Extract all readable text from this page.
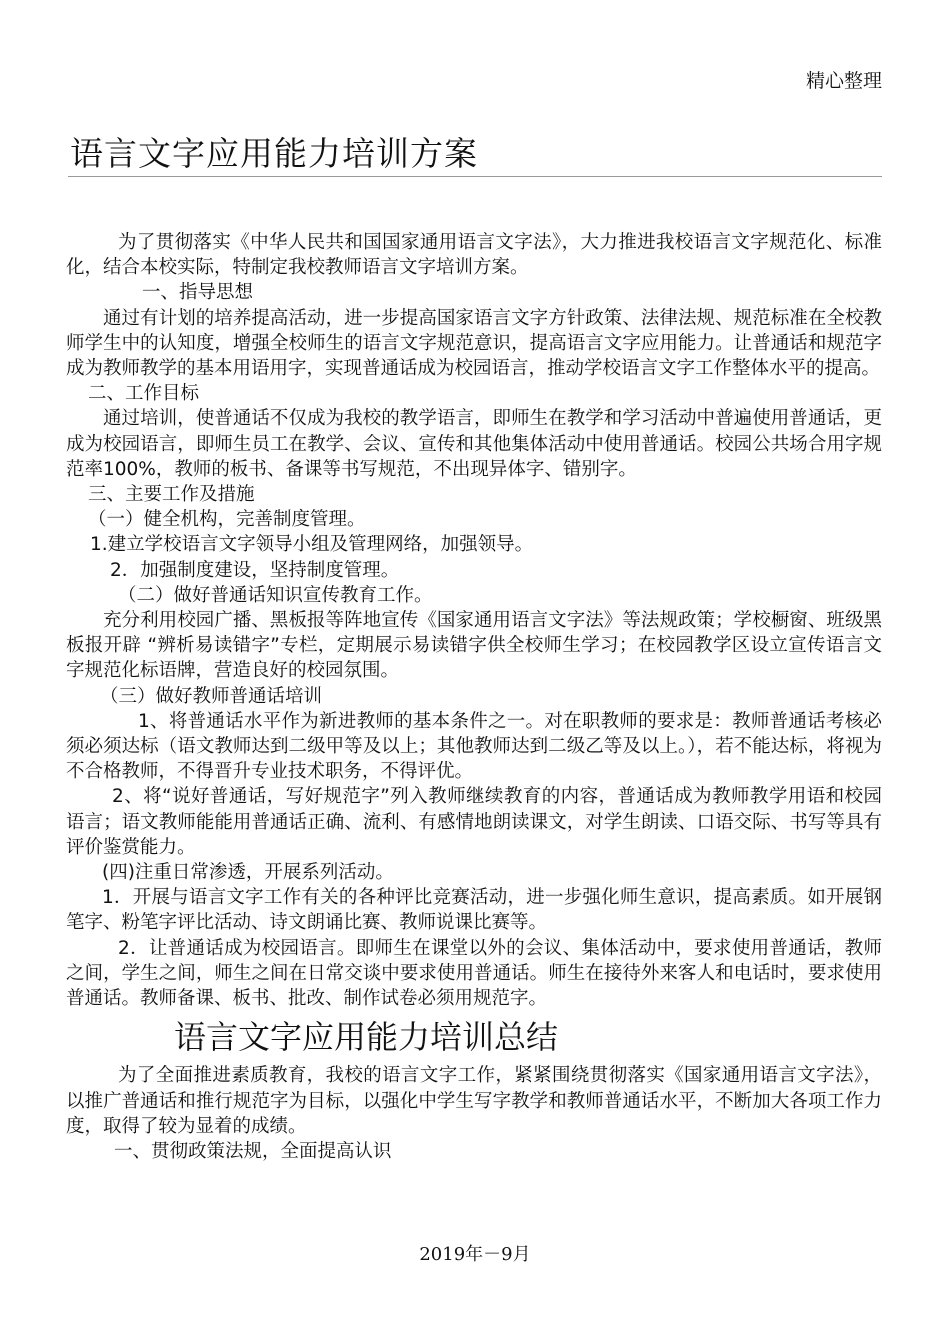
精心整理
语言文字应用能力培训方案

为了贯彻落实《中华人民共和国国家通用语言文字法》，大力推进我校语言文字规范化、标准化，结合本校实际，特制定我校教师语言文字培训方案。

一、指导思想

通过有计划的培养提高活动，进一步提高国家语言文字方针政策、法律法规、规范标准在全校教师学生中的认知度，增强全校师生的语言文字规范意识，提高语言文字应用能力。让普通话和规范字成为教师教学的基本用语用字，实现普通话成为校园语言，推动学校语言文字工作整体水平的提高。

二、工作目标

通过培训，使普通话不仅成为我校的教学语言，即师生在教学和学习活动中普遍使用普通话，更成为校园语言，即师生员工在教学、会议、宣传和其他集体活动中使用普通话。校园公共场合用字规范率100%，教师的板书、备课等书写规范，不出现异体字、错别字。

三、主要工作及措施

（一）健全机构，完善制度管理。

1.建立学校语言文字领导小组及管理网络，加强领导。

2．加强制度建设，坚持制度管理。

（二）做好普通话知识宣传教育工作。

充分利用校园广播、黑板报等阵地宣传《国家通用语言文字法》等法规政策；学校橱窗、班级黑板报开辟 “辨析易读错字”专栏，定期展示易读错字供全校师生学习；在校园教学区设立宣传语言文字规范化标语牌，营造良好的校园氛围。

（三）做好教师普通话培训

1、将普通话水平作为新进教师的基本条件之一。对在职教师的要求是：教师普通话考核必须必须达标（语文教师达到二级甲等及以上；其他教师达到二级乙等及以上。），若不能达标，将视为不合格教师，不得晋升专业技术职务，不得评优。

2、将“说好普通话，写好规范字”列入教师继续教育的内容，普通话成为教师教学用语和校园语言；语文教师能能用普通话正确、流利、有感情地朗读课文，对学生朗读、口语交际、书写等具有评价鉴赏能力。

(四)注重日常渗透，开展系列活动。

1．开展与语言文字工作有关的各种评比竞赛活动，进一步强化师生意识，提高素质。如开展钢笔字、粉笔字评比活动、诗文朗诵比赛、教师说课比赛等。

2．让普通话成为校园语言。即师生在课堂以外的会议、集体活动中，要求使用普通话，教师之间，学生之间，师生之间在日常交谈中要求使用普通话。师生在接待外来客人和电话时，要求使用普通话。教师备课、板书、批改、制作试卷必须用规范字。

语言文字应用能力培训总结

为了全面推进素质教育，我校的语言文字工作，紧紧围绕贯彻落实《国家通用语言文字法》，以推广普通话和推行规范字为目标，以强化中学生写字教学和教师普通话水平，不断加大各项工作力度，取得了较为显着的成绩。

一、贯彻政策法规，全面提高认识

2019年－9月
